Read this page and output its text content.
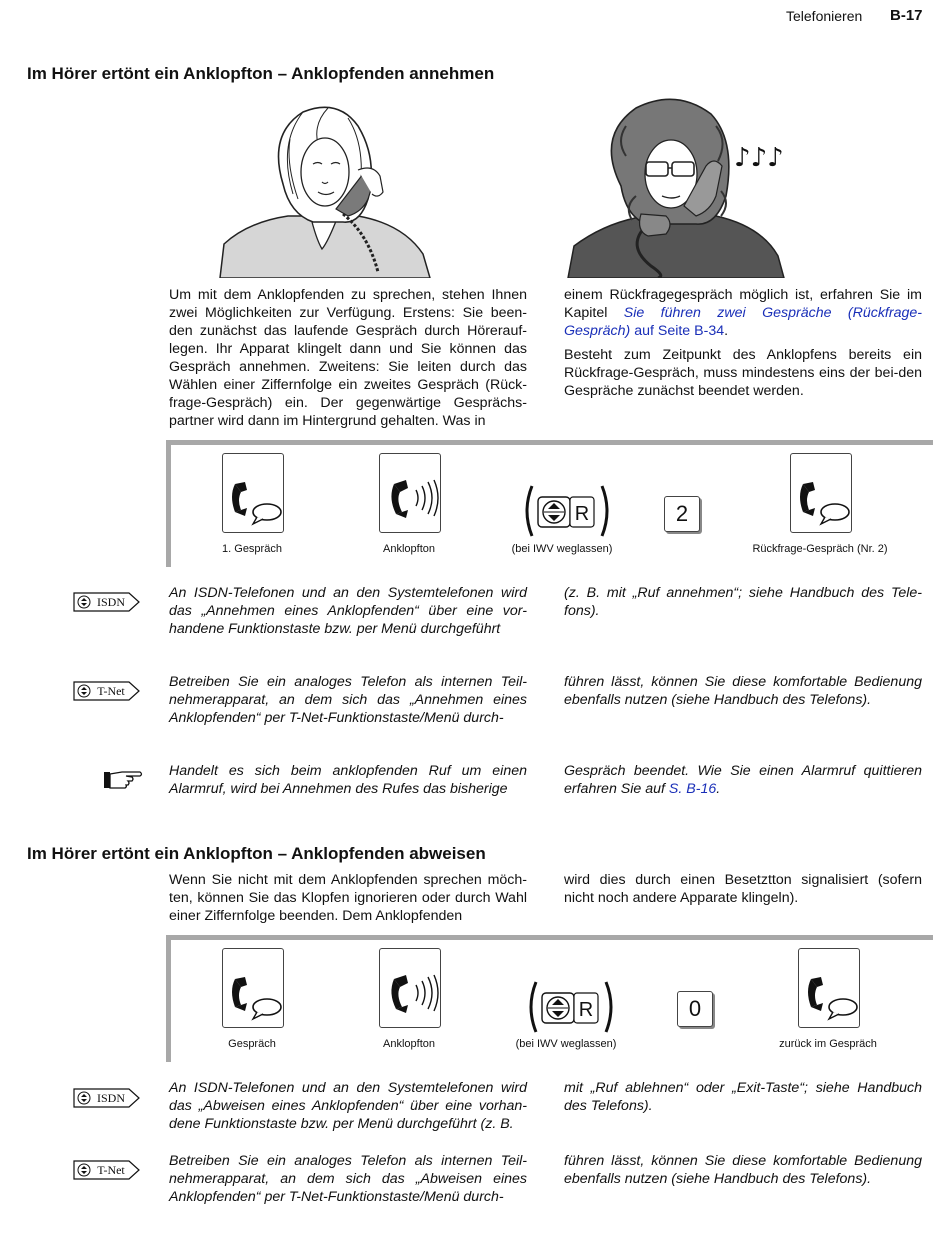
Telefonieren B-17
Im Hörer ertönt ein Anklopfton – Anklopfenden annehmen
♪♪♪

Um mit dem Anklopfenden zu sprechen, stehen Ihnen zwei Möglichkeiten zur Verfügung. Erstens: Sie been-den zunächst das laufende Gespräch durch Hörerauf-legen. Ihr Apparat klingelt dann und Sie können das Gespräch annehmen. Zweitens: Sie leiten durch das Wählen einer Ziffernfolge ein zweites Gespräch (Rück-frage-Gespräch) ein. Der gegenwärtige Gesprächs-partner wird dann im Hintergrund gehalten. Was in

einem Rückfragegespräch möglich ist, erfahren Sie im Kapitel Sie führen zwei Gespräche (Rückfrage-Gespräch) auf Seite B-34.

Besteht zum Zeitpunkt des Anklopfens bereits ein Rückfrage-Gespräch, muss mindestens eins der bei-den Gespräche zunächst beendet werden.

1. Gespräch	Anklopfton
R
(bei IWV weglassen)
2
Rückfrage-Gespräch (Nr. 2)
ISDN

An ISDN-Telefonen und an den Systemtelefonen wird das „Annehmen eines Anklopfenden“ über eine vor-handene Funktionstaste bzw. per Menü durchgeführt

(z. B. mit „Ruf annehmen“; siehe Handbuch des Tele-fons).

T-Net

Betreiben Sie ein analoges Telefon als internen Teil-nehmerapparat, an dem sich das „Annehmen eines Anklopfenden“ per T-Net-Funktionstaste/Menü durch-

führen lässt, können Sie diese komfortable Bedienung ebenfalls nutzen (siehe Handbuch des Telefons).

Handelt es sich beim anklopfenden Ruf um einen Alarmruf, wird bei Annehmen des Rufes das bisherige

Gespräch beendet. Wie Sie einen Alarmruf quittieren erfahren Sie auf S. B-16.

Im Hörer ertönt ein Anklopfton – Anklopfenden abweisen

Wenn Sie nicht mit dem Anklopfenden sprechen möch-ten, können Sie das Klopfen ignorieren oder durch Wahl einer Ziffernfolge beenden. Dem Anklopfenden

wird dies durch einen Besetztton signalisiert (sofern nicht noch andere Apparate klingeln).

Gespräch	Anklopfton
R
(bei IWV weglassen)
0
zurück im Gespräch
ISDN

An ISDN-Telefonen und an den Systemtelefonen wird das „Abweisen eines Anklopfenden“ über eine vorhan-dene Funktionstaste bzw. per Menü durchgeführt (z. B.

mit „Ruf ablehnen“ oder „Exit-Taste“; siehe Handbuch des Telefons).

T-Net

Betreiben Sie ein analoges Telefon als internen Teil-nehmerapparat, an dem sich das „Abweisen eines Anklopfenden“ per T-Net-Funktionstaste/Menü durch-

führen lässt, können Sie diese komfortable Bedienung ebenfalls nutzen (siehe Handbuch des Telefons).
